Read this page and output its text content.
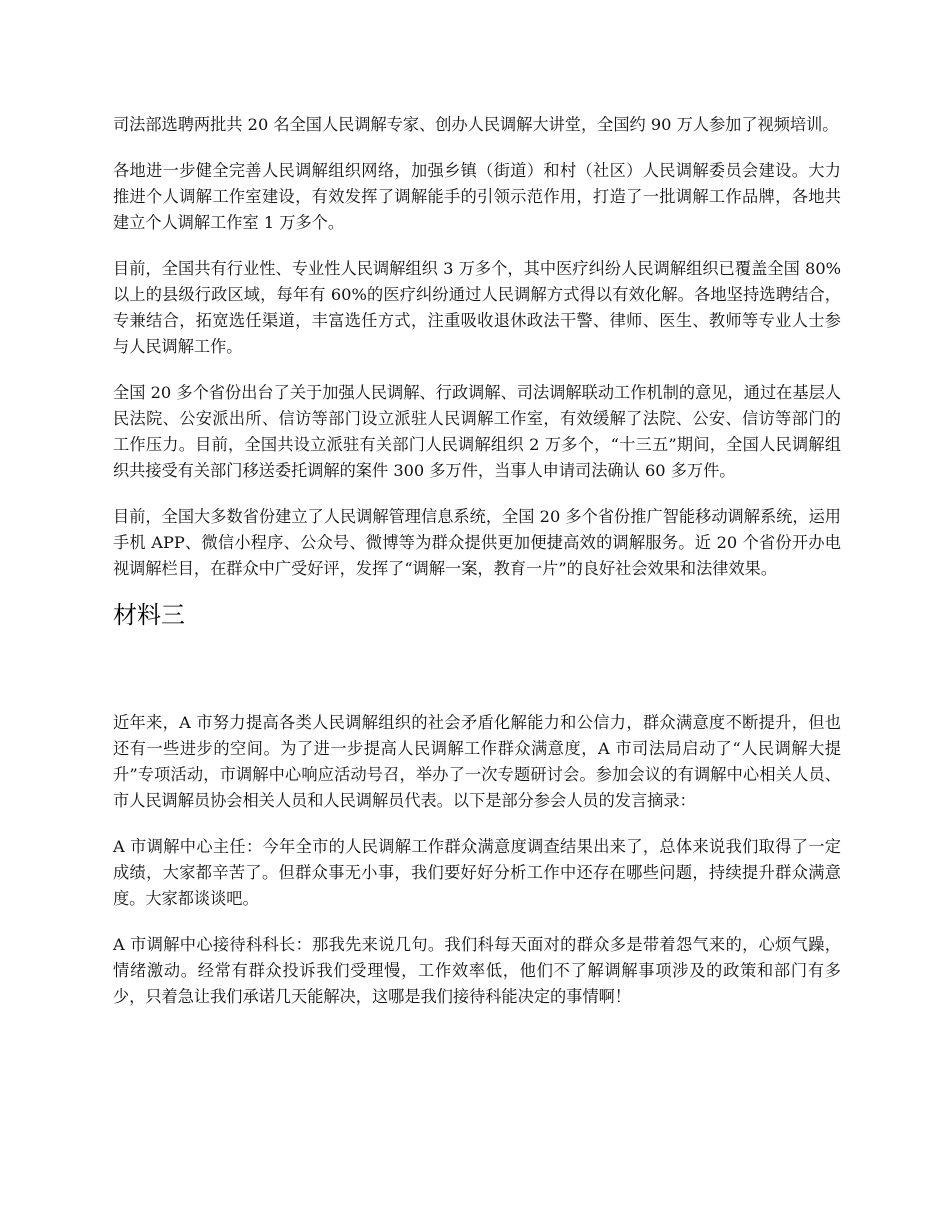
司法部选聘两批共 20 名全国人民调解专家、创办人民调解大讲堂，全国约 90 万人参加了视频培训。

各地进一步健全完善人民调解组织网络，加强乡镇（街道）和村（社区）人民调解委员会建设。大力推进个人调解工作室建设，有效发挥了调解能手的引领示范作用，打造了一批调解工作品牌，各地共建立个人调解工作室 1 万多个。

目前，全国共有行业性、专业性人民调解组织 3 万多个，其中医疗纠纷人民调解组织已覆盖全国 80%以上的县级行政区域，每年有 60%的医疗纠纷通过人民调解方式得以有效化解。各地坚持选聘结合，专兼结合，拓宽选任渠道，丰富选任方式，注重吸收退休政法干警、律师、医生、教师等专业人士参与人民调解工作。

全国 20 多个省份出台了关于加强人民调解、行政调解、司法调解联动工作机制的意见，通过在基层人民法院、公安派出所、信访等部门设立派驻人民调解工作室，有效缓解了法院、公安、信访等部门的工作压力。目前，全国共设立派驻有关部门人民调解组织 2 万多个，“十三五”期间，全国人民调解组织共接受有关部门移送委托调解的案件 300 多万件，当事人申请司法确认 60 多万件。

目前，全国大多数省份建立了人民调解管理信息系统，全国 20 多个省份推广智能移动调解系统，运用手机 APP、微信小程序、公众号、微博等为群众提供更加便捷高效的调解服务。近 20 个省份开办电视调解栏目，在群众中广受好评，发挥了“调解一案，教育一片”的良好社会效果和法律效果。

材料三

近年来，A 市努力提高各类人民调解组织的社会矛盾化解能力和公信力，群众满意度不断提升，但也还有一些进步的空间。为了进一步提高人民调解工作群众满意度，A 市司法局启动了“人民调解大提升”专项活动，市调解中心响应活动号召，举办了一次专题研讨会。参加会议的有调解中心相关人员、市人民调解员协会相关人员和人民调解员代表。以下是部分参会人员的发言摘录：

A 市调解中心主任：今年全市的人民调解工作群众满意度调查结果出来了，总体来说我们取得了一定成绩，大家都辛苦了。但群众事无小事，我们要好好分析工作中还存在哪些问题，持续提升群众满意度。大家都谈谈吧。

A 市调解中心接待科科长：那我先来说几句。我们科每天面对的群众多是带着怨气来的，心烦气躁，情绪激动。经常有群众投诉我们受理慢，工作效率低，他们不了解调解事项涉及的政策和部门有多少，只着急让我们承诺几天能解决，这哪是我们接待科能决定的事情啊！
